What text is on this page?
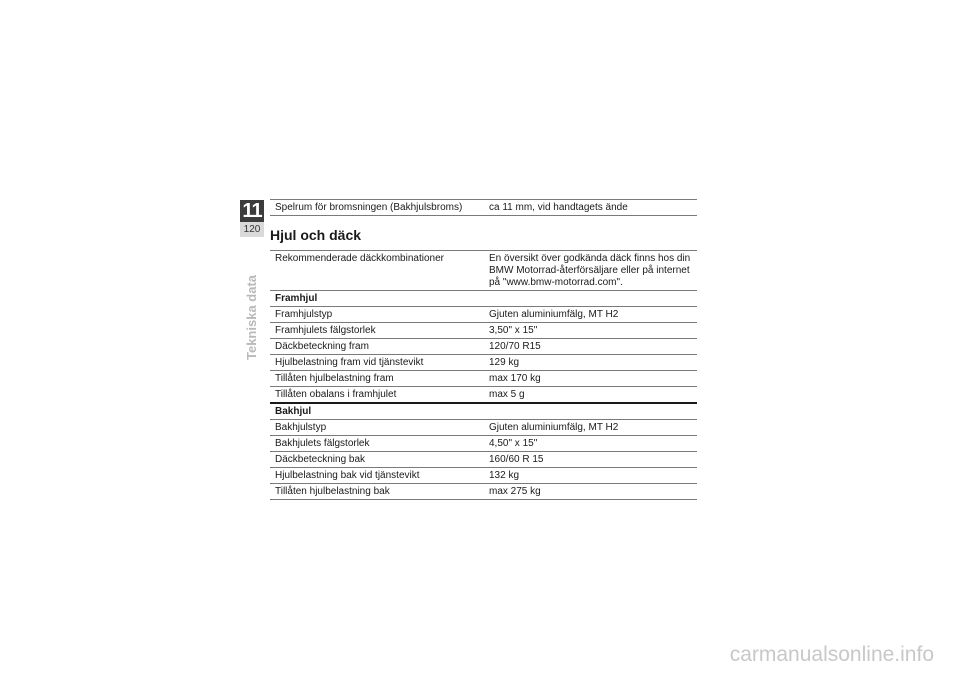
11
120
Tekniska data
Spelrum för bromsningen (Bakhjulsbroms)	ca 11 mm, vid handtagets ände
Hjul och däck
Rekommenderade däckkombinationer	En översikt över godkända däck finns hos din BMW Motorrad-återförsäljare eller på internet på "www.bmw-motorrad.com".
Framhjul
Framhjulstyp	Gjuten aluminiumfälg, MT H2
Framhjulets fälgstorlek	3,50" x 15"
Däckbeteckning fram	120/70 R15
Hjulbelastning fram vid tjänstevikt	129 kg
Tillåten hjulbelastning fram	max 170 kg
Tillåten obalans i framhjulet	max 5 g
Bakhjul
Bakhjulstyp	Gjuten aluminiumfälg, MT H2
Bakhjulets fälgstorlek	4,50" x 15"
Däckbeteckning bak	160/60 R 15
Hjulbelastning bak vid tjänstevikt	132 kg
Tillåten hjulbelastning bak	max 275 kg
carmanualsonline.info
